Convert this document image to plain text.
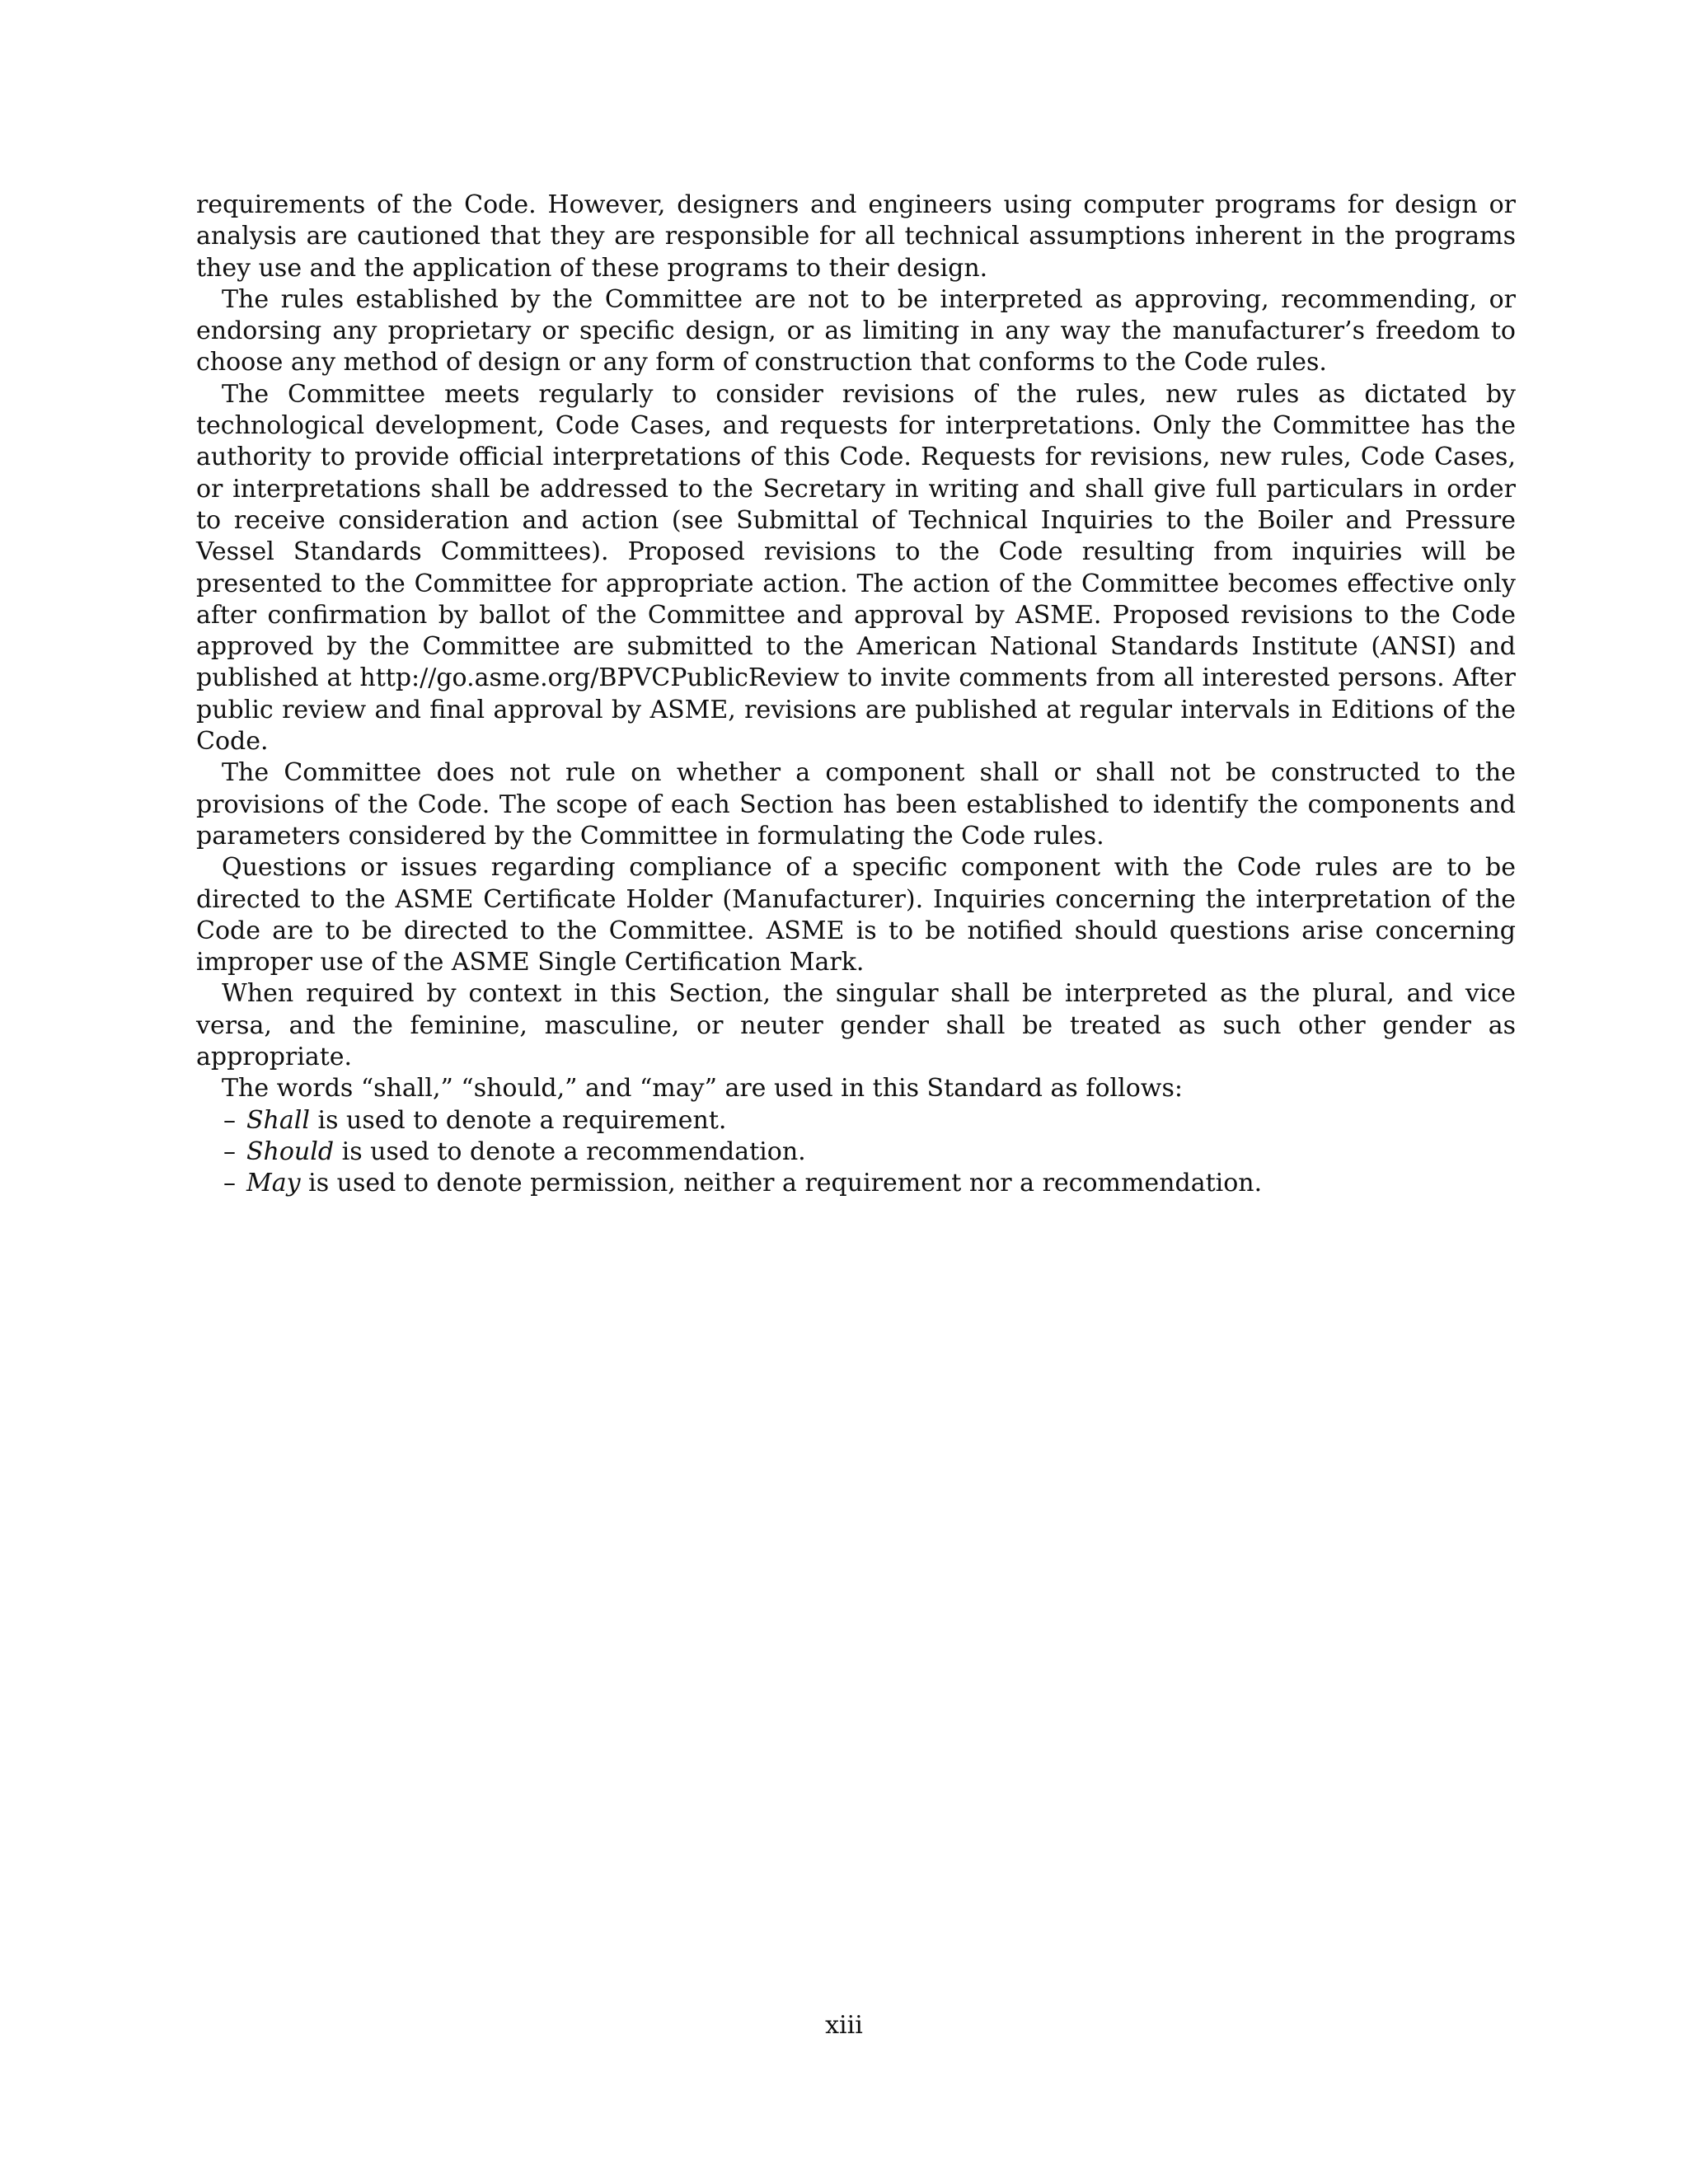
requirements of the Code. However, designers and engineers using computer programs for design or analysis are cautioned that they are responsible for all technical assumptions inherent in the programs they use and the application of these programs to their design.

The rules established by the Committee are not to be interpreted as approving, recommending, or endorsing any proprietary or specific design, or as limiting in any way the manufacturer’s freedom to choose any method of design or any form of construction that conforms to the Code rules.

The Committee meets regularly to consider revisions of the rules, new rules as dictated by technological development, Code Cases, and requests for interpretations. Only the Committee has the authority to provide official interpretations of this Code. Requests for revisions, new rules, Code Cases, or interpretations shall be addressed to the Secretary in writing and shall give full particulars in order to receive consideration and action (see Submittal of Technical Inquiries to the Boiler and Pressure Vessel Standards Committees). Proposed revisions to the Code resulting from inquiries will be presented to the Committee for appropriate action. The action of the Committee becomes effective only after confirmation by ballot of the Committee and approval by ASME. Proposed revisions to the Code approved by the Committee are submitted to the American National Standards Institute (ANSI) and published at http://go.asme.org/BPVCPublicReview to invite comments from all interested persons. After public review and final approval by ASME, revisions are published at regular intervals in Editions of the Code.

The Committee does not rule on whether a component shall or shall not be constructed to the provisions of the Code. The scope of each Section has been established to identify the components and parameters considered by the Committee in formulating the Code rules.

Questions or issues regarding compliance of a specific component with the Code rules are to be directed to the ASME Certificate Holder (Manufacturer). Inquiries concerning the interpretation of the Code are to be directed to the Committee. ASME is to be notified should questions arise concerning improper use of the ASME Single Certification Mark.

When required by context in this Section, the singular shall be interpreted as the plural, and vice versa, and the feminine, masculine, or neuter gender shall be treated as such other gender as appropriate.

The words “shall,” “should,” and “may” are used in this Standard as follows:

– Shall is used to denote a requirement.
– Should is used to denote a recommendation.
– May is used to denote permission, neither a requirement nor a recommendation.
xiii
